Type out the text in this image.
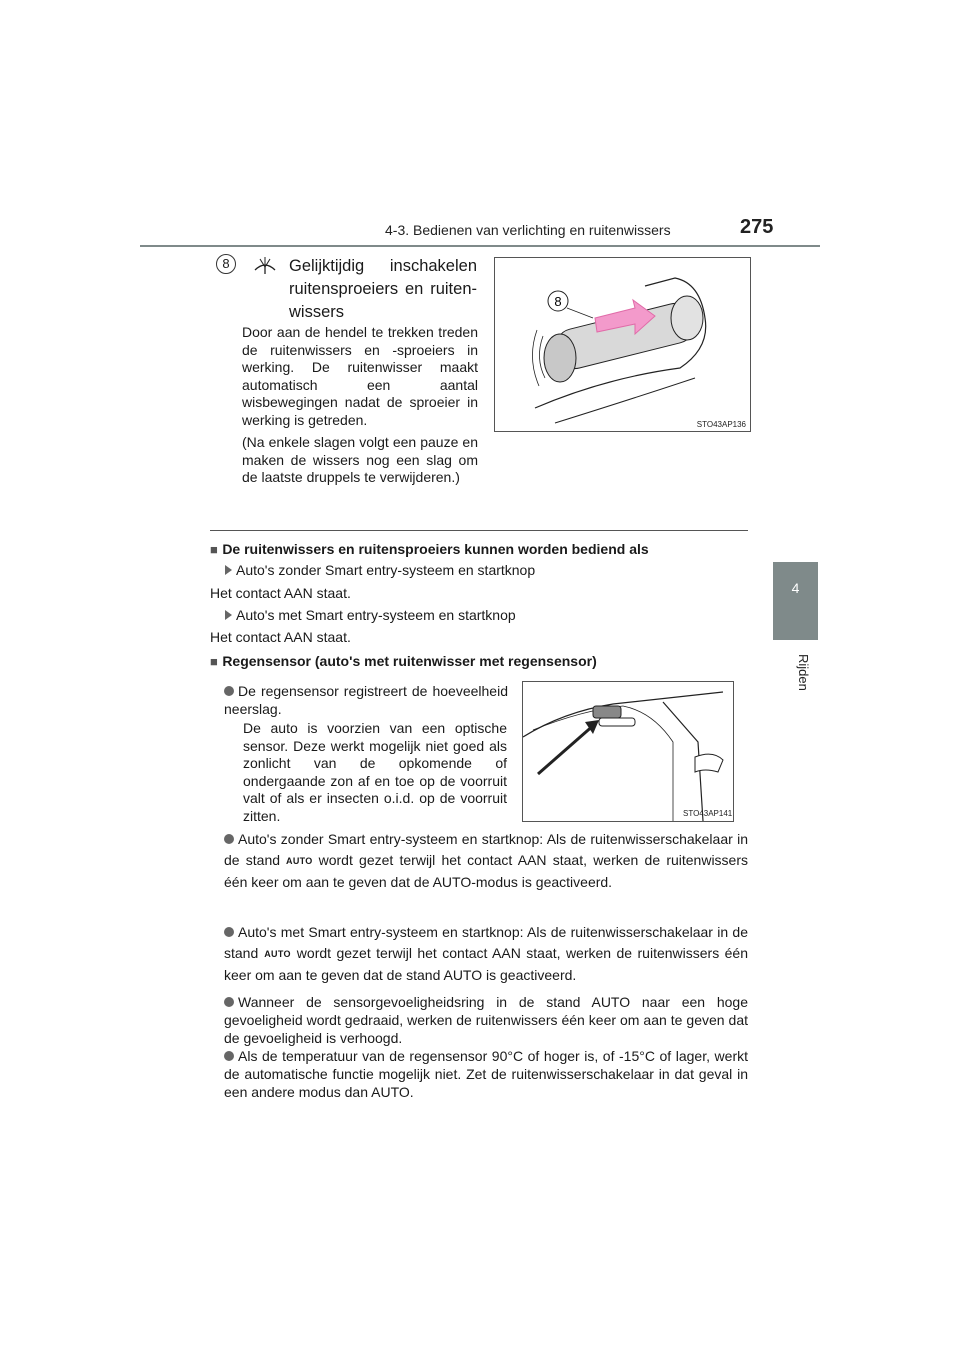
4-3. Bedienen van verlichting en ruitenwissers	275
4
Rijden
8	Gelijktijdig inschakelen ruitensproeiers en ruitenwissers
Door aan de hendel te trekken treden de ruitenwissers en -sproeiers in werking. De ruitenwisser maakt automatisch een aantal wisbewegingen nadat de sproeier in werking is getreden.
(Na enkele slagen volgt een pauze en maken de wissers nog een slag om de laatste druppels te verwijderen.)
8
STO43AP136
■ De ruitenwissers en ruitensproeiers kunnen worden bediend als
Auto's zonder Smart entry-systeem en startknop
Het contact AAN staat.
Auto's met Smart entry-systeem en startknop
Het contact AAN staat.
■ Regensensor (auto's met ruitenwisser met regensensor)
De regensensor registreert de hoeveelheid neerslag.
De auto is voorzien van een optische sensor. Deze werkt mogelijk niet goed als zonlicht van de opkomende of ondergaande zon af en toe op de voorruit valt of als er insecten o.i.d. op de voorruit zitten.	STO43AP141
Auto's zonder Smart entry-systeem en startknop: Als de ruitenwisserschakelaar in de stand AUTO wordt gezet terwijl het contact AAN staat, werken de ruitenwissers één keer om aan te geven dat de AUTO-modus is geactiveerd.
Auto's met Smart entry-systeem en startknop: Als de ruitenwisserschakelaar in de stand AUTO wordt gezet terwijl het contact AAN staat, werken de ruitenwissers één keer om aan te geven dat de stand AUTO is geactiveerd.
Wanneer de sensorgevoeligheidsring in de stand AUTO naar een hoge gevoeligheid wordt gedraaid, werken de ruitenwissers één keer om aan te geven dat de gevoeligheid is verhoogd.
Als de temperatuur van de regensensor 90°C of hoger is, of -15°C of lager, werkt de automatische functie mogelijk niet. Zet de ruitenwisserschakelaar in dat geval in een andere modus dan AUTO.
